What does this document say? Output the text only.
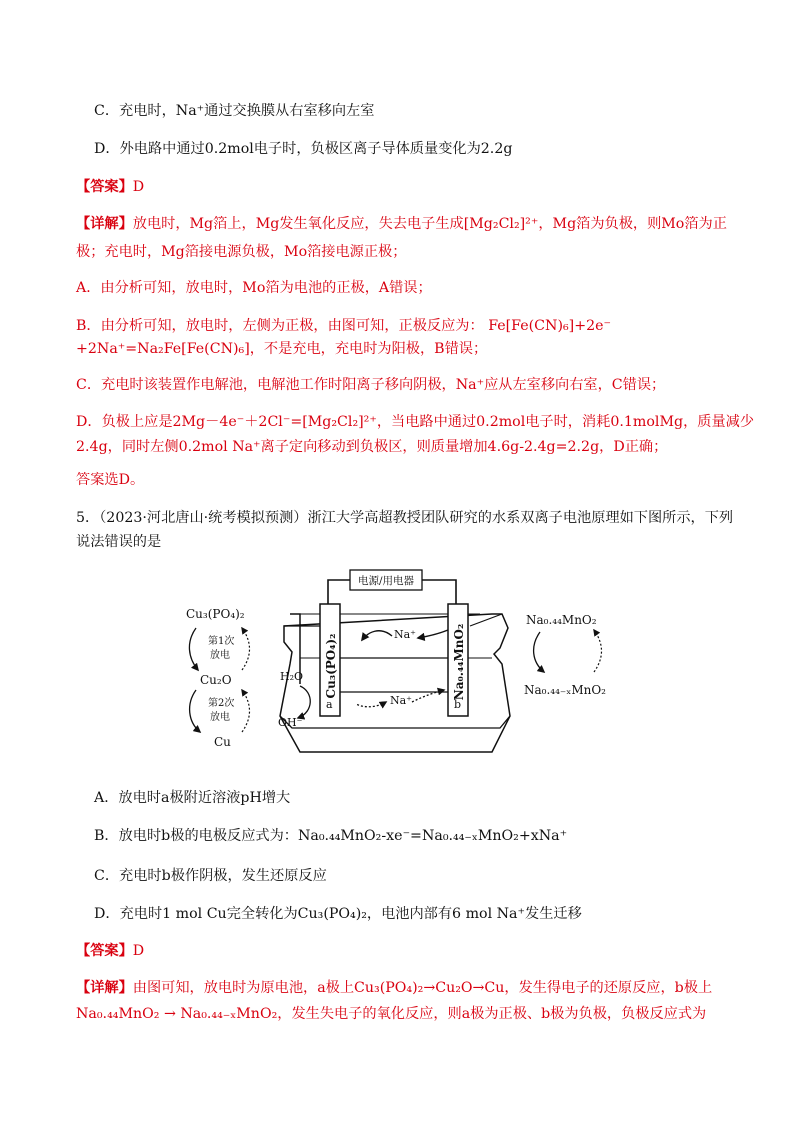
C．充电时，Na⁺通过交换膜从右室移向左室
D．外电路中通过0.2mol电子时，负极区离子导体质量变化为2.2g
【答案】D
【详解】放电时，Mg箔上，Mg发生氧化反应，失去电子生成[Mg₂Cl₂]²⁺，Mg箔为负极，则Mo箔为正
极；充电时，Mg箔接电源负极，Mo箔接电源正极；
A．由分析可知，放电时，Mo箔为电池的正极，A错误；
B．由分析可知，放电时，左侧为正极，由图可知，正极反应为： Fe[Fe(CN)₆]+2e⁻
+2Na⁺=Na₂Fe[Fe(CN)₆]，不是充电，充电时为阳极，B错误；
C．充电时该装置作电解池，电解池工作时阳离子移向阴极，Na⁺应从左室移向右室，C错误；
D．负极上应是2Mg－4e⁻＋2Cl⁻=[Mg₂Cl₂]²⁺，当电路中通过0.2mol电子时，消耗0.1molMg，质量减少
2.4g，同时左侧0.2mol Na⁺离子定向移动到负极区，则质量增加4.6g-2.4g=2.2g，D正确；
答案选D。
5．（2023·河北唐山·统考模拟预测）浙江大学高超教授团队研究的水系双离子电池原理如下图所示，下列
说法错误的是
电源/用电器
Cu₃(PO₄)₂	Na₀.₄₄MnO₂
Na⁺
Na⁺
H₂O
OH⁻
a	b
Cu₃(PO₄)₂
第1次
放电
Cu₂O
第2次
放电
Cu
Na₀.₄₄MnO₂
Na₀.₄₄₋ₓMnO₂
A．放电时a极附近溶液pH增大
B．放电时b极的电极反应式为：Na₀.₄₄MnO₂-xe⁻=Na₀.₄₄₋ₓMnO₂+xNa⁺
C．充电时b极作阴极，发生还原反应
D．充电时1 mol Cu完全转化为Cu₃(PO₄)₂，电池内部有6 mol Na⁺发生迁移
【答案】D
【详解】由图可知，放电时为原电池，a极上Cu₃(PO₄)₂→Cu₂O→Cu，发生得电子的还原反应，b极上
Na₀.₄₄MnO₂ → Na₀.₄₄₋ₓMnO₂，发生失电子的氧化反应，则a极为正极、b极为负极，负极反应式为
